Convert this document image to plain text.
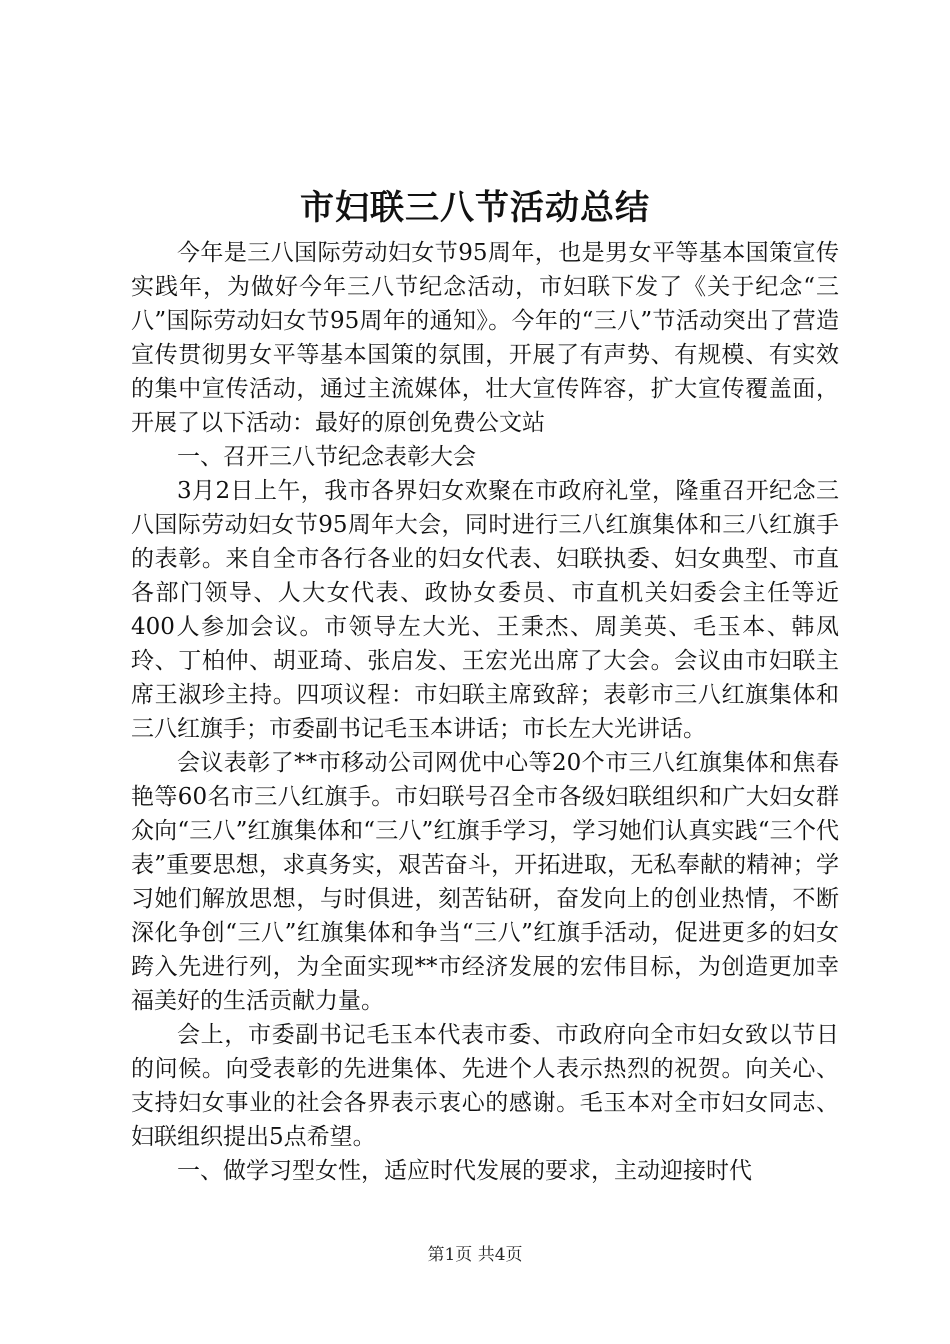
市妇联三八节活动总结

今年是三八国际劳动妇女节95周年，也是男女平等基本国策宣传实践年，为做好今年三八节纪念活动，市妇联下发了《关于纪念“三八”国际劳动妇女节95周年的通知》。今年的“三八”节活动突出了营造宣传贯彻男女平等基本国策的氛围，开展了有声势、有规模、有实效的集中宣传活动，通过主流媒体，壮大宣传阵容，扩大宣传覆盖面，开展了以下活动：最好的原创免费公文站

一、召开三八节纪念表彰大会

3月2日上午，我市各界妇女欢聚在市政府礼堂，隆重召开纪念三八国际劳动妇女节95周年大会，同时进行三八红旗集体和三八红旗手的表彰。来自全市各行各业的妇女代表、妇联执委、妇女典型、市直各部门领导、人大女代表、政协女委员、市直机关妇委会主任等近400人参加会议。市领导左大光、王秉杰、周美英、毛玉本、韩凤玲、丁柏仲、胡亚琦、张启发、王宏光出席了大会。会议由市妇联主席王淑珍主持。四项议程：市妇联主席致辞；表彰市三八红旗集体和三八红旗手；市委副书记毛玉本讲话；市长左大光讲话。

会议表彰了**市移动公司网优中心等20个市三八红旗集体和焦春艳等60名市三八红旗手。市妇联号召全市各级妇联组织和广大妇女群众向“三八”红旗集体和“三八”红旗手学习，学习她们认真实践“三个代表”重要思想，求真务实，艰苦奋斗，开拓进取，无私奉献的精神；学习她们解放思想，与时俱进，刻苦钻研，奋发向上的创业热情，不断深化争创“三八”红旗集体和争当“三八”红旗手活动，促进更多的妇女跨入先进行列，为全面实现**市经济发展的宏伟目标，为创造更加幸福美好的生活贡献力量。

会上，市委副书记毛玉本代表市委、市政府向全市妇女致以节日的问候。向受表彰的先进集体、先进个人表示热烈的祝贺。向关心、支持妇女事业的社会各界表示衷心的感谢。毛玉本对全市妇女同志、妇联组织提出5点希望。

一、做学习型女性，适应时代发展的要求，主动迎接时代

第1页 共4页
